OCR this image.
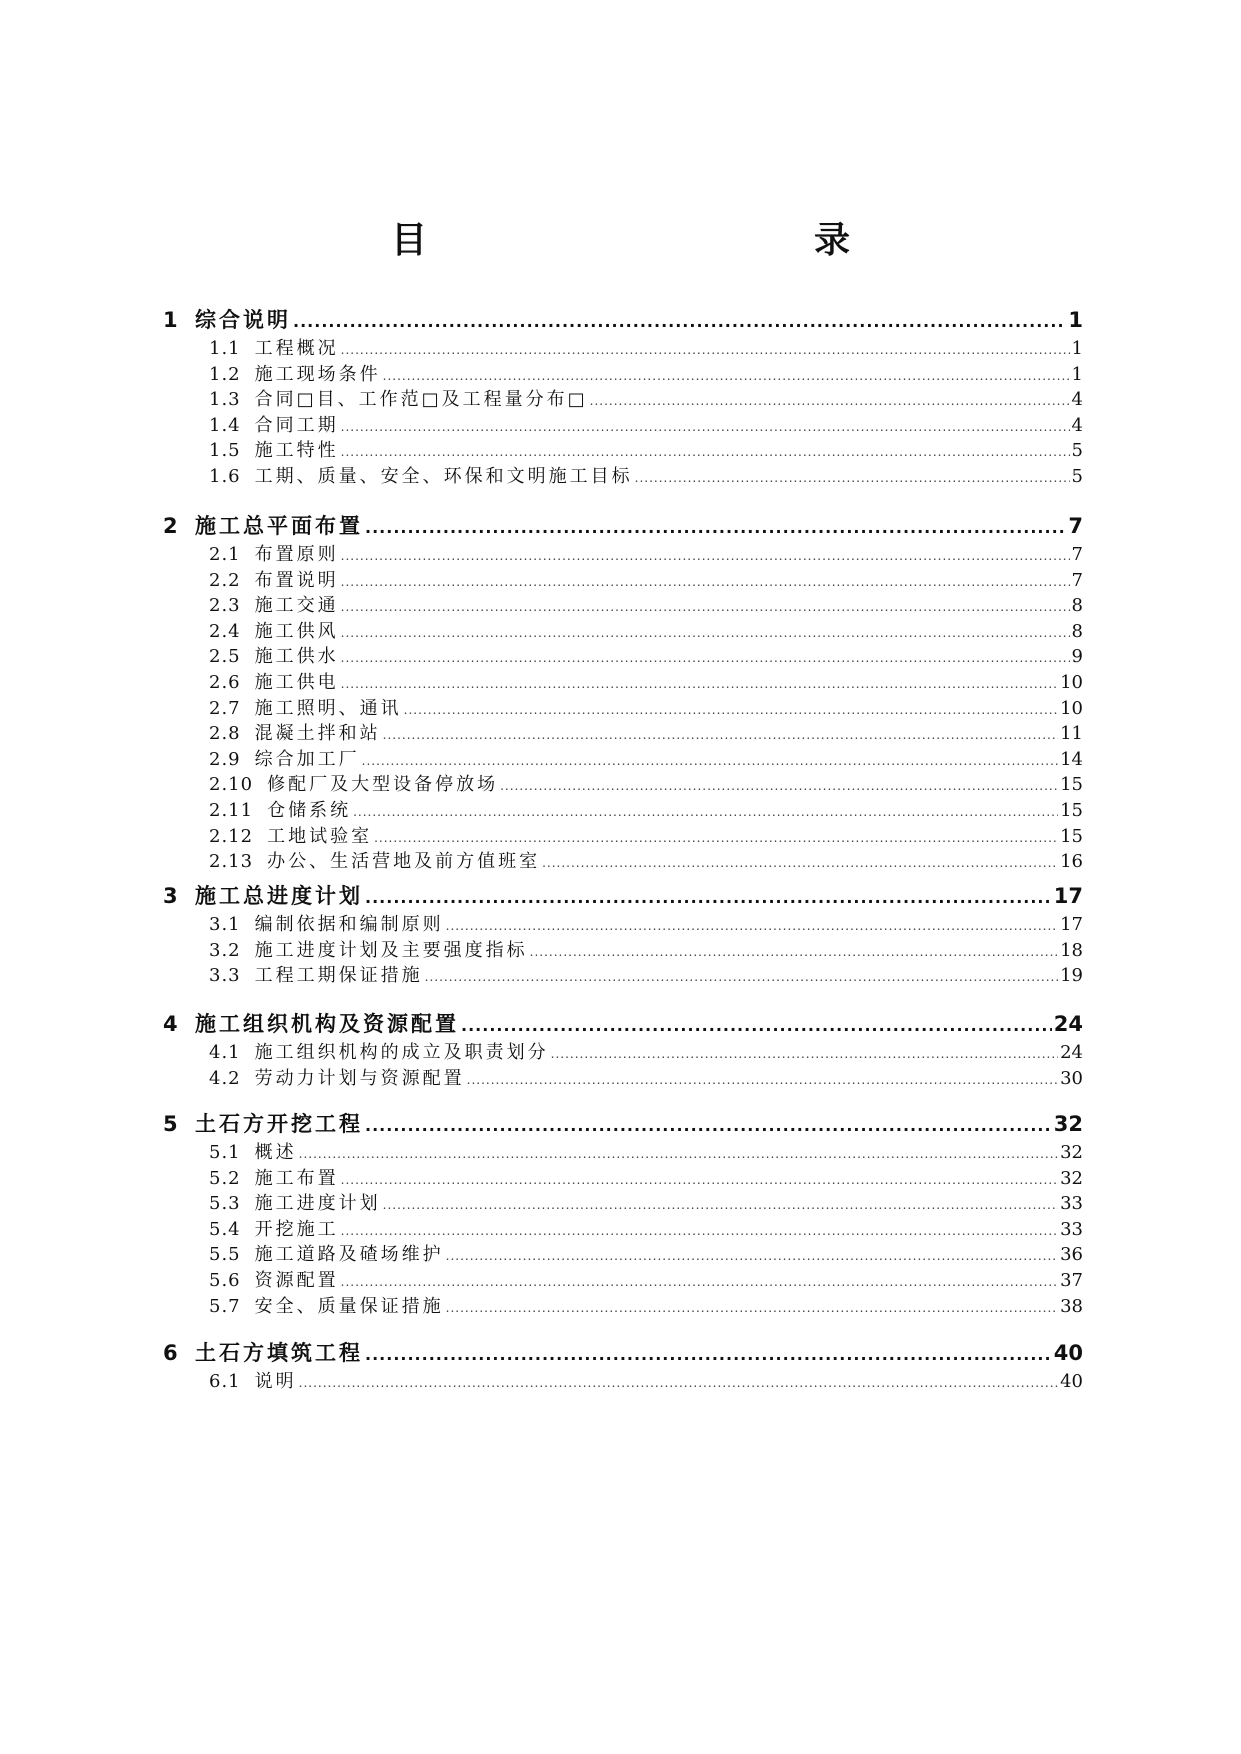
目　　录
1 综合说明 .....	1
1.1 工程概况 .....	1
1.2 施工现场条件 .....	1
1.3 合同□目、工作范□及工程量分布□ .....	4
1.4 合同工期 .....	4
1.5 施工特性 .....	5
1.6 工期、质量、安全、环保和文明施工目标 .....	5
2 施工总平面布置 .....	7
2.1 布置原则 .....	7
2.2 布置说明 .....	7
2.3 施工交通 .....	8
2.4 施工供风 .....	8
2.5 施工供水 .....	9
2.6 施工供电 .....	10
2.7 施工照明、通讯 .....	10
2.8 混凝土拌和站 .....	11
2.9 综合加工厂 .....	14
2.10 修配厂及大型设备停放场 .....	15
2.11 仓储系统 .....	15
2.12 工地试验室 .....	15
2.13 办公、生活营地及前方值班室 .....	16
3 施工总进度计划 .....	17
3.1 编制依据和编制原则 .....	17
3.2 施工进度计划及主要强度指标 .....	18
3.3 工程工期保证措施 .....	19
4 施工组织机构及资源配置 .....	24
4.1 施工组织机构的成立及职责划分 .....	24
4.2 劳动力计划与资源配置 .....	30
5 土石方开挖工程 .....	32
5.1 概述 .....	32
5.2 施工布置 .....	32
5.3 施工进度计划 .....	33
5.4 开挖施工 .....	33
5.5 施工道路及碴场维护 .....	36
5.6 资源配置 .....	37
5.7 安全、质量保证措施 .....	38
6 土石方填筑工程 .....	40
6.1 说明 .....	40
